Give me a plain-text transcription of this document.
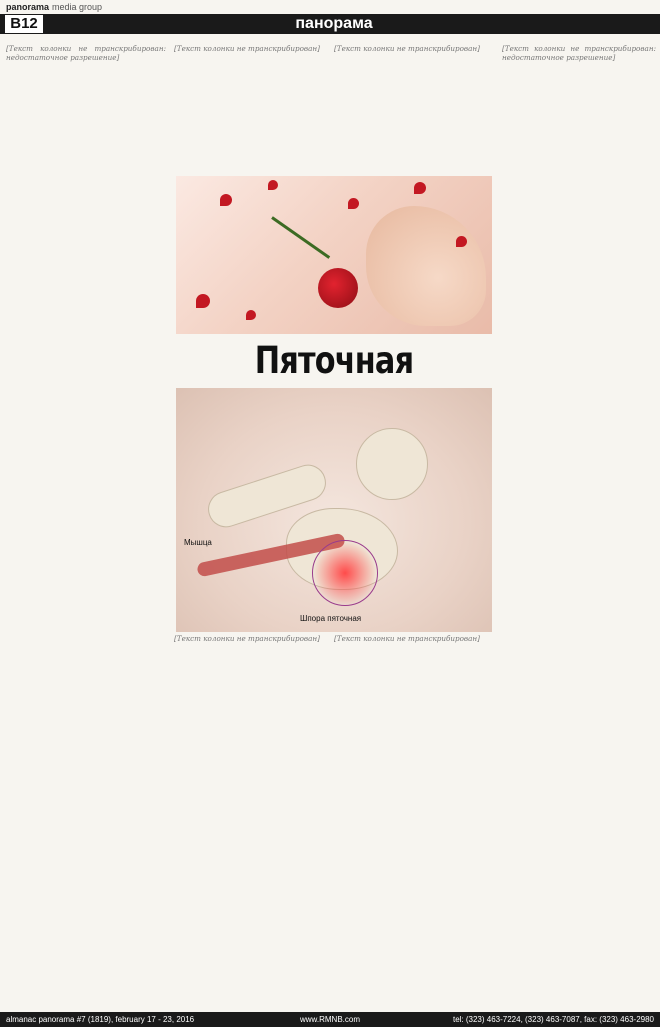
panorama media group
B12	панорама
[Текст колонки не транскрибирован: недостаточное разрешение]
[Текст колонки не транскрибирован]	[Текст колонки не транскрибирован]	[Текст колонки не транскрибирован: недостаточное разрешение]
Пяточная
Мышца
Шпора пяточная
[Текст колонки не транскрибирован]	[Текст колонки не транскрибирован]
almanac panorama #7 (1819), february 17 - 23, 2016	www.RMNB.com	tel: (323) 463-7224, (323) 463-7087, fax: (323) 463-2980
